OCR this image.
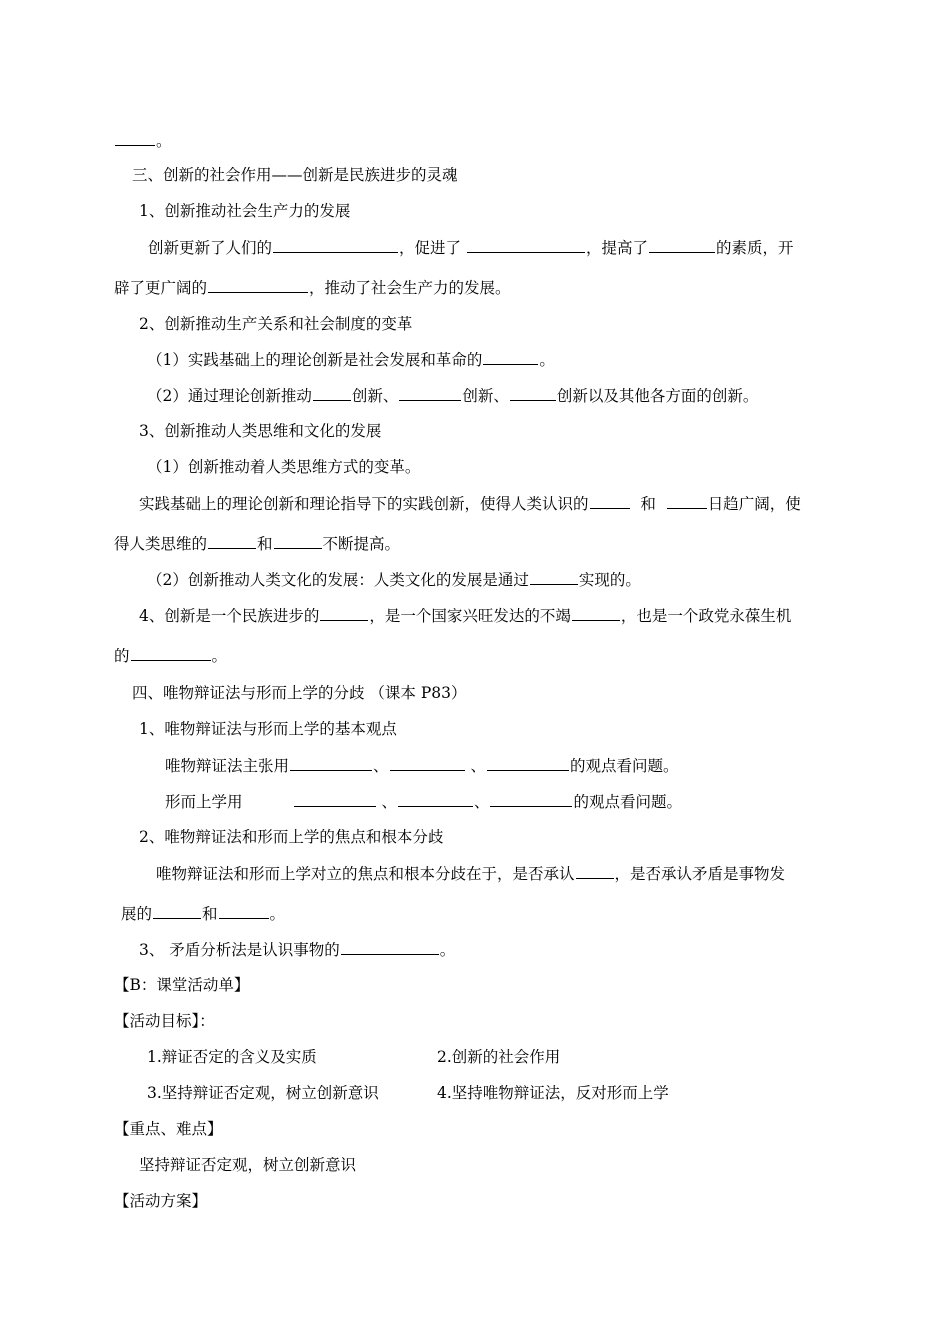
。
三、创新的社会作用——创新是民族进步的灵魂
1、创新推动社会生产力的发展
创新更新了人们的	，促进了	，提高了	的素质，开
辟了更广阔的	，推动了社会生产力的发展。
2、创新推动生产关系和社会制度的变革
（1）实践基础上的理论创新是社会发展和革命的	。
（2）通过理论创新推动	创新、	创新、	创新以及其他各方面的创新。
3、创新推动人类思维和文化的发展
（1）创新推动着人类思维方式的变革。
实践基础上的理论创新和理论指导下的实践创新，使得人类认识的	和	日趋广阔，使
得人类思维的	和	不断提高。
（2）创新推动人类文化的发展：人类文化的发展是通过	实现的。
4、创新是一个民族进步的	，是一个国家兴旺发达的不竭	，也是一个政党永葆生机
的	。
四、唯物辩证法与形而上学的分歧 （课本 P83）
1、唯物辩证法与形而上学的基本观点
唯物辩证法主张用	、	、	的观点看问题。
形而上学用	、	、	的观点看问题。
2、唯物辩证法和形而上学的焦点和根本分歧
唯物辩证法和形而上学对立的焦点和根本分歧在于，是否承认	，是否承认矛盾是事物发
展的	和	。
3、 矛盾分析法是认识事物的	。
【B：课堂活动单】
【活动目标】：
1.辩证否定的含义及实质	2.创新的社会作用
3.坚持辩证否定观，树立创新意识	4.坚持唯物辩证法，反对形而上学
【重点、难点】
坚持辩证否定观，树立创新意识
【活动方案】
